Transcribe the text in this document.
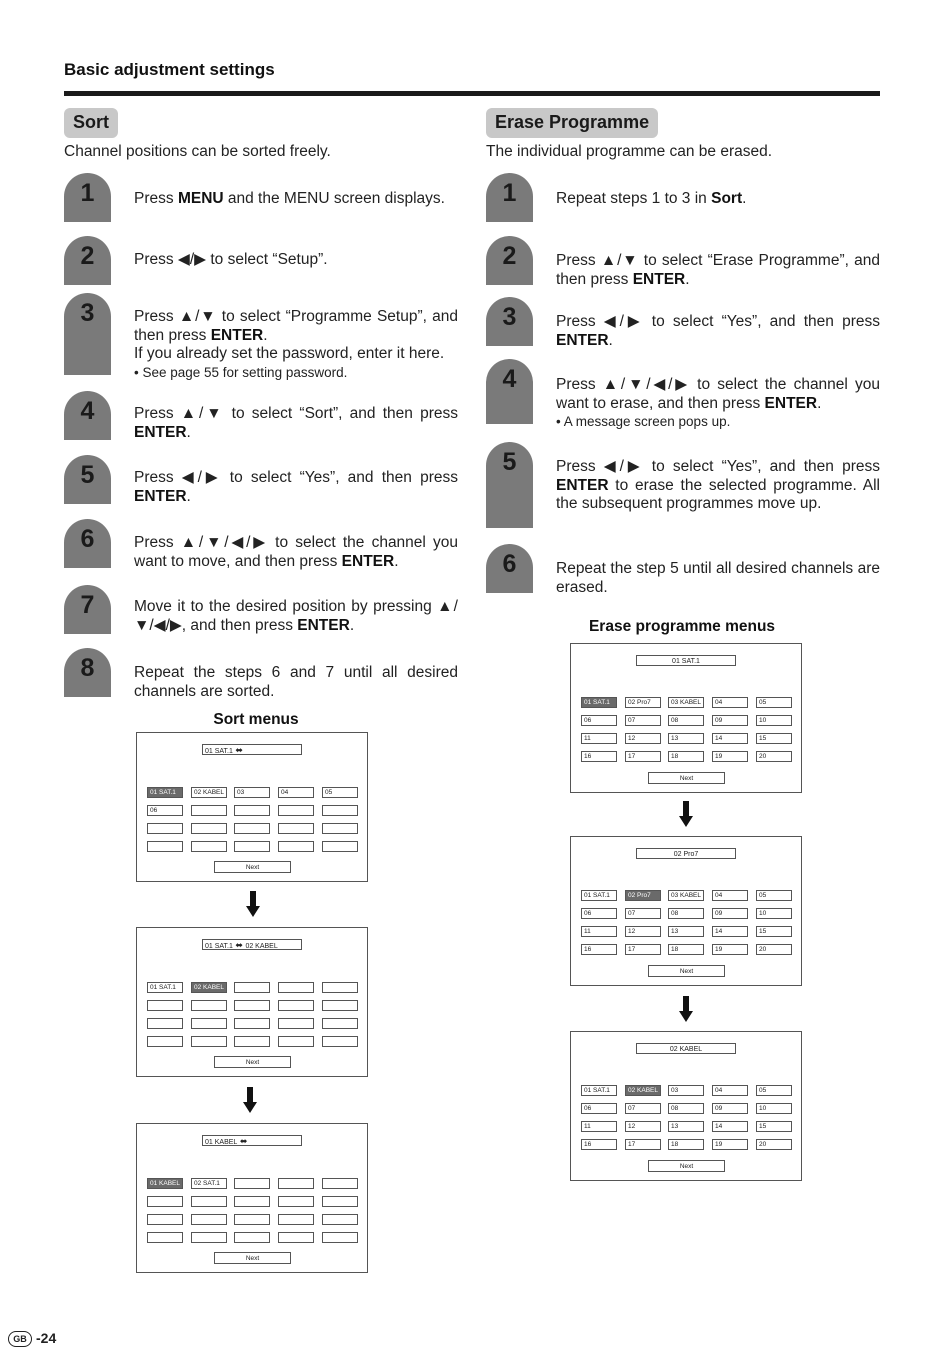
Basic adjustment settings
Sort
Channel positions can be sorted freely.
1	Press MENU and the MENU screen displays.
2	Press ◀/▶ to select “Setup”.
3	Press ▲/▼ to select “Programme Setup”, and then press ENTER.
If you already set the password, enter it here.
• See page 55 for setting password.
4	Press ▲/▼ to select “Sort”, and then press ENTER.
5	Press ◀/▶ to select “Yes”, and then press ENTER.
6	Press ▲/▼/◀/▶ to select the channel you want to move, and then press ENTER.
7	Move it to the desired position by pressing ▲/▼/◀/▶, and then press ENTER.
8	Repeat the steps 6 and 7 until all desired channels are sorted.
Erase Programme
The individual programme can be erased.
1	Repeat steps 1 to 3 in Sort.
2	Press ▲/▼ to select “Erase Programme”, and then press ENTER.
3	Press ◀/▶ to select “Yes”, and then press ENTER.
4	Press ▲/▼/◀/▶ to select the channel you want to erase, and then press ENTER.
• A message screen pops up.
5	Press ◀/▶ to select “Yes”, and then press ENTER to erase the selected programme. All the subsequent programmes move up.
6	Repeat the step 5 until all desired channels are erased.
Sort menus
Erase programme menus
01 SAT.1 ⬌
01 SAT.1	02 KABEL	03	04	05
06
Next
01 SAT.1 ⬌ 02 KABEL
01 SAT.1	02 KABEL
Next
01 KABEL ⬌
01 KABEL	02 SAT.1
Next
01 SAT.1
01 SAT.1	02 Pro7	03 KABEL	04	05
06	07	08	09	10
11	12	13	14	15
16	17	18	19	20
Next
02 Pro7
01 SAT.1	02 Pro7	03 KABEL	04	05
06	07	08	09	10
11	12	13	14	15
16	17	18	19	20
Next
02 KABEL
01 SAT.1	02 KABEL	03	04	05
06	07	08	09	10
11	12	13	14	15
16	17	18	19	20
Next
GB -24
